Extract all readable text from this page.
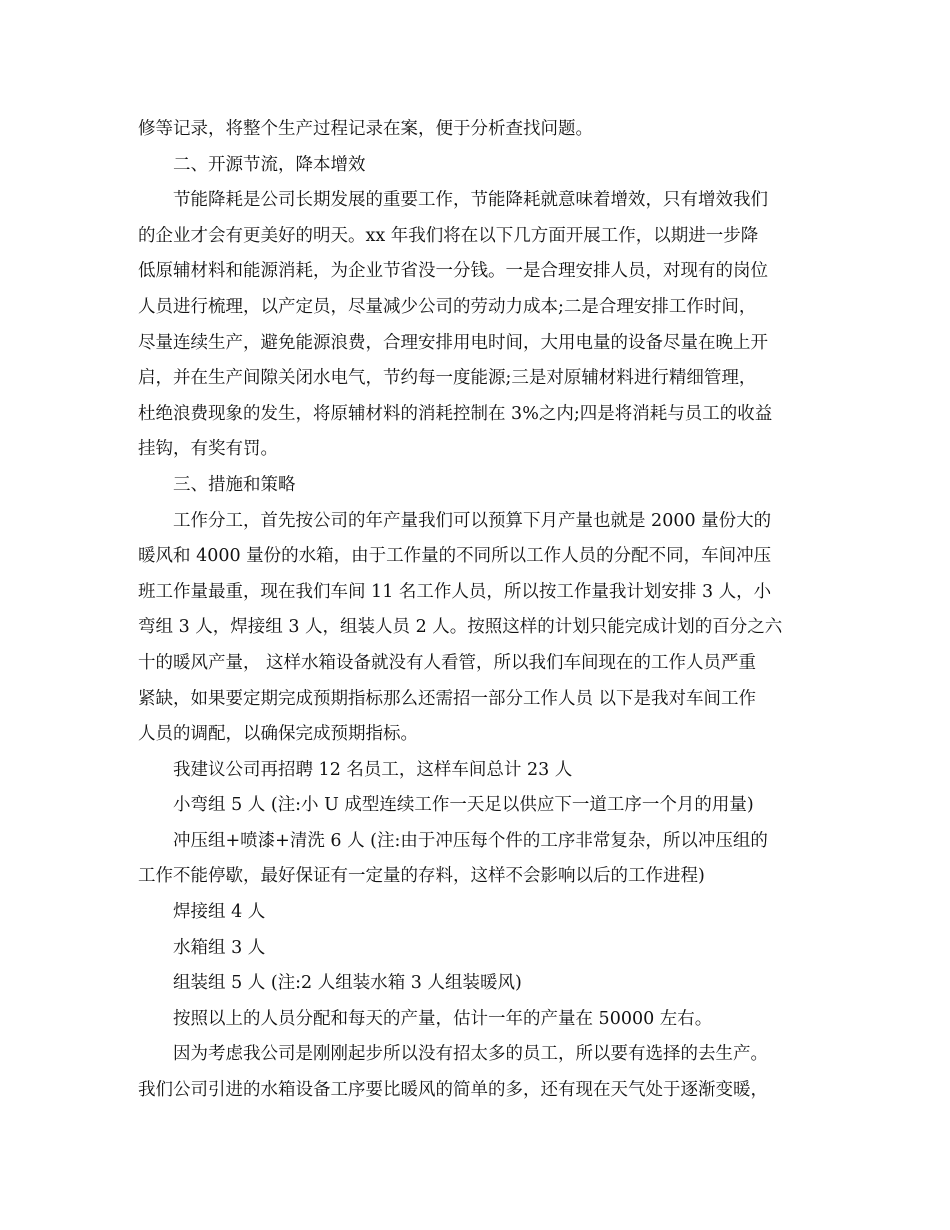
修等记录，将整个生产过程记录在案，便于分析查找问题。
二、开源节流，降本增效
节能降耗是公司长期发展的重要工作，节能降耗就意味着增效，只有增效我们
的企业才会有更美好的明天。xx 年我们将在以下几方面开展工作，以期进一步降
低原辅材料和能源消耗，为企业节省没一分钱。一是合理安排人员，对现有的岗位
人员进行梳理，以产定员，尽量减少公司的劳动力成本;二是合理安排工作时间，
尽量连续生产，避免能源浪费，合理安排用电时间，大用电量的设备尽量在晚上开
启，并在生产间隙关闭水电气，节约每一度能源;三是对原辅材料进行精细管理，
杜绝浪费现象的发生，将原辅材料的消耗控制在 3%之内;四是将消耗与员工的收益
挂钩，有奖有罚。
三、措施和策略
工作分工，首先按公司的年产量我们可以预算下月产量也就是 2000 量份大的
暖风和 4000 量份的水箱，由于工作量的不同所以工作人员的分配不同，车间冲压
班工作量最重，现在我们车间 11 名工作人员，所以按工作量我计划安排 3 人，小
弯组 3 人，焊接组 3 人，组装人员 2 人。按照这样的计划只能完成计划的百分之六
十的暖风产量， 这样水箱设备就没有人看管，所以我们车间现在的工作人员严重
紧缺，如果要定期完成预期指标那么还需招一部分工作人员 以下是我对车间工作
人员的调配，以确保完成预期指标。
我建议公司再招聘 12 名员工，这样车间总计 23 人
小弯组 5 人 (注:小 U 成型连续工作一天足以供应下一道工序一个月的用量)
冲压组+喷漆+清洗 6 人 (注:由于冲压每个件的工序非常复杂，所以冲压组的
工作不能停歇，最好保证有一定量的存料，这样不会影响以后的工作进程)
焊接组 4 人
水箱组 3 人
组装组 5 人 (注:2 人组装水箱 3 人组装暖风)
按照以上的人员分配和每天的产量，估计一年的产量在 50000 左右。
因为考虑我公司是刚刚起步所以没有招太多的员工，所以要有选择的去生产。
我们公司引进的水箱设备工序要比暖风的简单的多，还有现在天气处于逐渐变暖，
